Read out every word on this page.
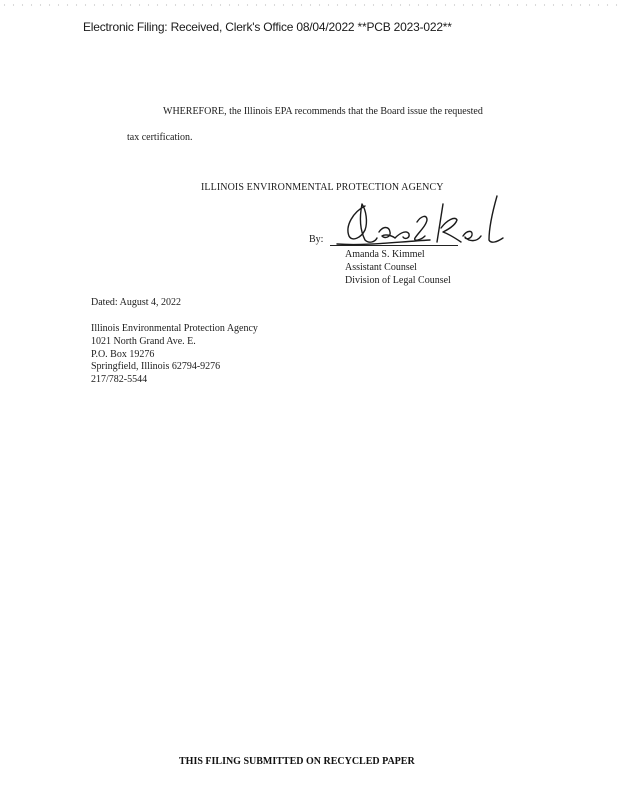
Electronic Filing: Received, Clerk's Office 08/04/2022 **PCB 2023-022**
WHEREFORE, the Illinois EPA recommends that the Board issue the requested
tax certification.
ILLINOIS ENVIRONMENTAL PROTECTION AGENCY
By:
Amanda S. Kimmel
Assistant Counsel
Division of Legal Counsel
Dated: August 4, 2022
Illinois Environmental Protection Agency
1021 North Grand Ave. E.
P.O. Box 19276
Springfield, Illinois 62794-9276
217/782-5544
THIS FILING SUBMITTED ON RECYCLED PAPER
